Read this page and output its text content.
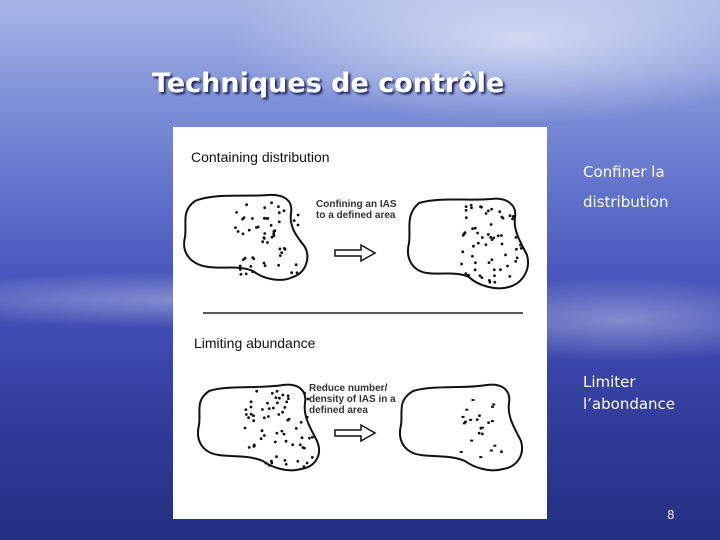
Techniques de contrôle
Containing distribution
Confining an IAS
to a defined area
Limiting abundance
Reduce number/
density of IAS in a
defined area
Confiner la
distribution
Limiter
l’abondance
8
